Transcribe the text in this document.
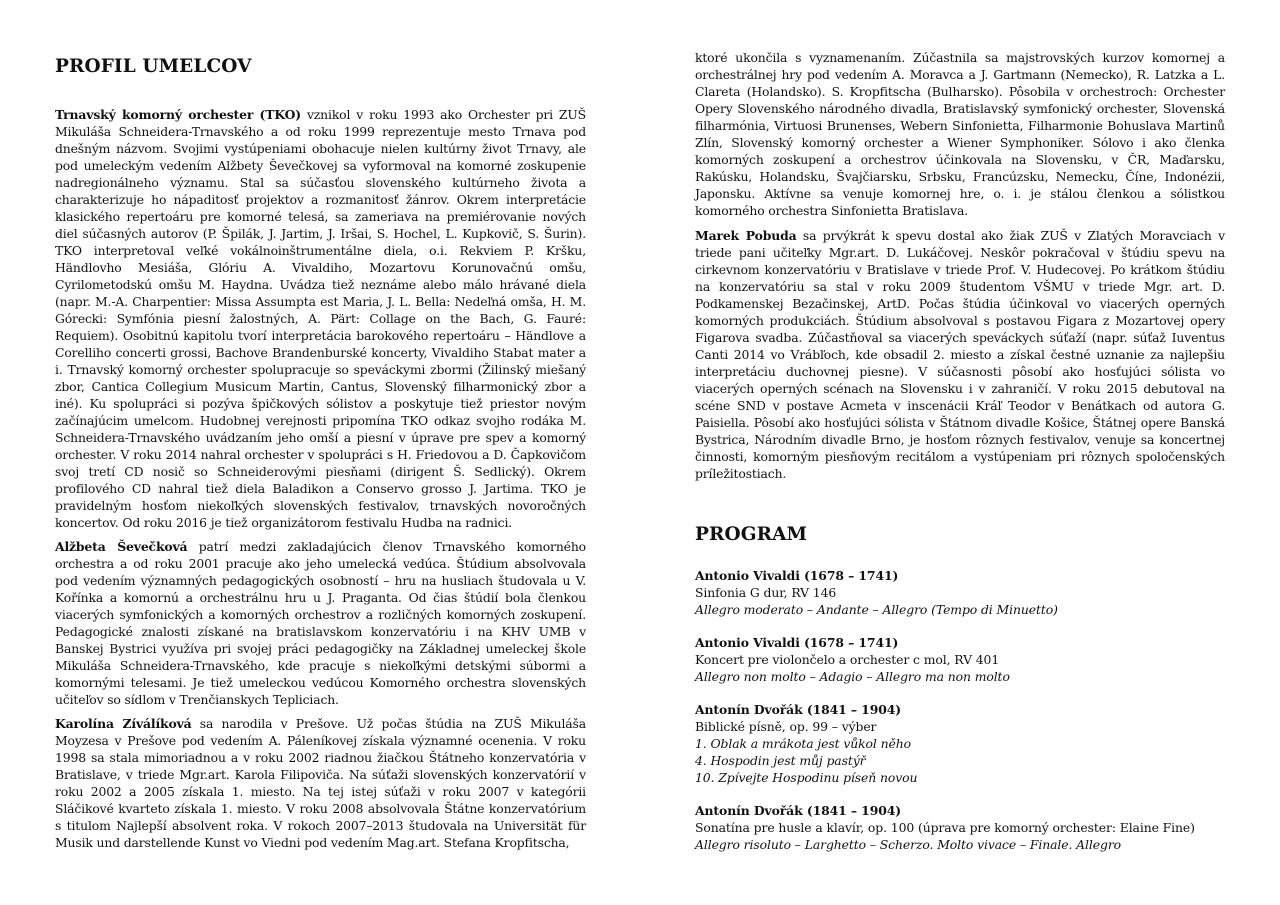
PROFIL UMELCOV

Trnavský komorný orchester (TKO) vznikol v roku 1993 ako Orchester pri ZUŠ Mikuláša Schneidera-Trnavského a od roku 1999 reprezentuje mesto Trnava pod dnešným názvom. Svojimi vystúpeniami obohacuje nielen kultúrny život Trnavy, ale pod umeleckým vedením Alžbety Ševečkovej sa vyformoval na komorné zoskupenie nadregionálneho významu. Stal sa súčasťou slovenského kultúrneho života a charakterizuje ho nápaditosť projektov a rozmanitosť žánrov. Okrem interpretácie klasického repertoáru pre komorné telesá, sa zameriava na premiérovanie nových diel súčasných autorov (P. Špilák, J. Jartim, J. Iršai, S. Hochel, L. Kupkovič, S. Šurin). TKO interpretoval veľké vokálnoinštrumentálne diela, o.i. Rekviem P. Kršku, Händlovho Mesiáša, Glóriu A. Vivaldiho, Mozartovu Korunovačnú omšu, Cyrilometodskú omšu M. Haydna. Uvádza tiež neznáme alebo málo hrávané diela (napr. M.-A. Charpentier: Missa Assumpta est Maria, J. L. Bella: Nedeľná omša, H. M. Górecki: Symfónia piesní žalostných, A. Pärt: Collage on the Bach, G. Fauré: Requiem). Osobitnú kapitolu tvorí interpretácia barokového repertoáru – Händlove a Corelliho concerti grossi, Bachove Brandenburské koncerty, Vivaldiho Stabat mater a i. Trnavský komorný orchester spolupracuje so speváckymi zbormi (Žilinský miešaný zbor, Cantica Collegium Musicum Martin, Cantus, Slovenský filharmonický zbor a iné). Ku spolupráci si pozýva špičkových sólistov a poskytuje tiež priestor novým začínajúcim umelcom. Hudobnej verejnosti pripomína TKO odkaz svojho rodáka M. Schneidera-Trnavského uvádzaním jeho omší a piesní v úprave pre spev a komorný orchester. V roku 2014 nahral orchester v spolupráci s H. Friedovou a D. Čapkovičom svoj tretí CD nosič so Schneiderovými piesňami (dirigent Š. Sedlický). Okrem profilového CD nahral tiež diela Baladikon a Conservo grosso J. Jartima. TKO je pravidelným hosťom niekoľkých slovenských festivalov, trnavských novoročných koncertov. Od roku 2016 je tiež organizátorom festivalu Hudba na radnici.

Alžbeta Ševečková patrí medzi zakladajúcich členov Trnavského komorného orchestra a od roku 2001 pracuje ako jeho umelecká vedúca. Štúdium absolvovala pod vedením významných pedagogických osobností – hru na husliach študovala u V. Kořínka a komornú a orchestrálnu hru u J. Praganta. Od čias štúdií bola členkou viacerých symfonických a komorných orchestrov a rozličných komorných zoskupení. Pedagogické znalosti získané na bratislavskom konzervatóriu i na KHV UMB v Banskej Bystrici využíva pri svojej práci pedagogičky na Základnej umeleckej škole Mikuláša Schneidera-Trnavského, kde pracuje s niekoľkými detskými súbormi a komornými telesami. Je tiež umeleckou vedúcou Komorného orchestra slovenských učiteľov so sídlom v Trenčianskych Tepliciach.

Karolína Zíválíková sa narodila v Prešove. Už počas štúdia na ZUŠ Mikuláša Moyzesa v Prešove pod vedením A. Páleníkovej získala významné ocenenia. V roku 1998 sa stala mimoriadnou a v roku 2002 riadnou žiačkou Štátneho konzervatória v Bratislave, v triede Mgr.art. Karola Filipoviča. Na súťaži slovenských konzervatórií v roku 2002 a 2005 získala 1. miesto. Na tej istej súťaži v roku 2007 v kategórii Sláčikové kvarteto získala 1. miesto. V roku 2008 absolvovala Štátne konzervatórium s titulom Najlepší absolvent roka. V rokoch 2007–2013 študovala na Universität für Musik und darstellende Kunst vo Viedni pod vedením Mag.art. Stefana Kropfitscha,

ktoré ukončila s vyznamenaním. Zúčastnila sa majstrovských kurzov komornej a orchestrálnej hry pod vedením A. Moravca a J. Gartmann (Nemecko), R. Latzka a L. Clareta (Holandsko). S. Kropfitscha (Bulharsko). Pôsobila v orchestroch: Orchester Opery Slovenského národného divadla, Bratislavský symfonický orchester, Slovenská filharmónia, Virtuosi Brunenses, Webern Sinfonietta, Filharmonie Bohuslava Martinů Zlín, Slovenský komorný orchester a Wiener Symphoniker. Sólovo i ako členka komorných zoskupení a orchestrov účinkovala na Slovensku, v ČR, Maďarsku, Rakúsku, Holandsku, Švajčiarsku, Srbsku, Francúzsku, Nemecku, Číne, Indonézii, Japonsku. Aktívne sa venuje komornej hre, o. i. je stálou členkou a sólistkou komorného orchestra Sinfonietta Bratislava.

Marek Pobuda sa prvýkrát k spevu dostal ako žiak ZUŠ v Zlatých Moravciach v triede pani učiteľky Mgr.art. D. Lukáčovej. Neskôr pokračoval v štúdiu spevu na cirkevnom konzervatóriu v Bratislave v triede Prof. V. Hudecovej. Po krátkom štúdiu na konzervatóriu sa stal v roku 2009 študentom VŠMU v triede Mgr. art. D. Podkamenskej Bezačinskej, ArtD. Počas štúdia účinkoval vo viacerých operných komorných produkciách. Štúdium absolvoval s postavou Figara z Mozartovej opery Figarova svadba. Zúčastňoval sa viacerých speváckych súťaží (napr. súťaž Iuventus Canti 2014 vo Vrábľoch, kde obsadil 2. miesto a získal čestné uznanie za najlepšiu interpretáciu duchovnej piesne). V súčasnosti pôsobí ako hosťujúci sólista vo viacerých operných scénach na Slovensku i v zahraničí. V roku 2015 debutoval na scéne SND v postave Acmeta v inscenácii Kráľ Teodor v Benátkach od autora G. Paisiella. Pôsobí ako hosťujúci sólista v Štátnom divadle Košice, Štátnej opere Banská Bystrica, Národním divadle Brno, je hosťom rôznych festivalov, venuje sa koncertnej činnosti, komorným piesňovým recitálom a vystúpeniam pri rôznych spoločenských príležitostiach.

PROGRAM
Antonio Vivaldi (1678 – 1741)
Sinfonia G dur, RV 146
Allegro moderato – Andante – Allegro (Tempo di Minuetto)
Antonio Vivaldi (1678 – 1741)
Koncert pre violončelo a orchester c mol, RV 401
Allegro non molto – Adagio – Allegro ma non molto
Antonín Dvořák (1841 – 1904)
Biblické písně, op. 99 – výber
1. Oblak a mrákota jest vůkol něho
4. Hospodin jest můj pastýř
10. Zpívejte Hospodinu píseň novou
Antonín Dvořák (1841 – 1904)
Sonatína pre husle a klavír, op. 100 (úprava pre komorný orchester: Elaine Fine)
Allegro risoluto – Larghetto – Scherzo. Molto vivace – Finale. Allegro
